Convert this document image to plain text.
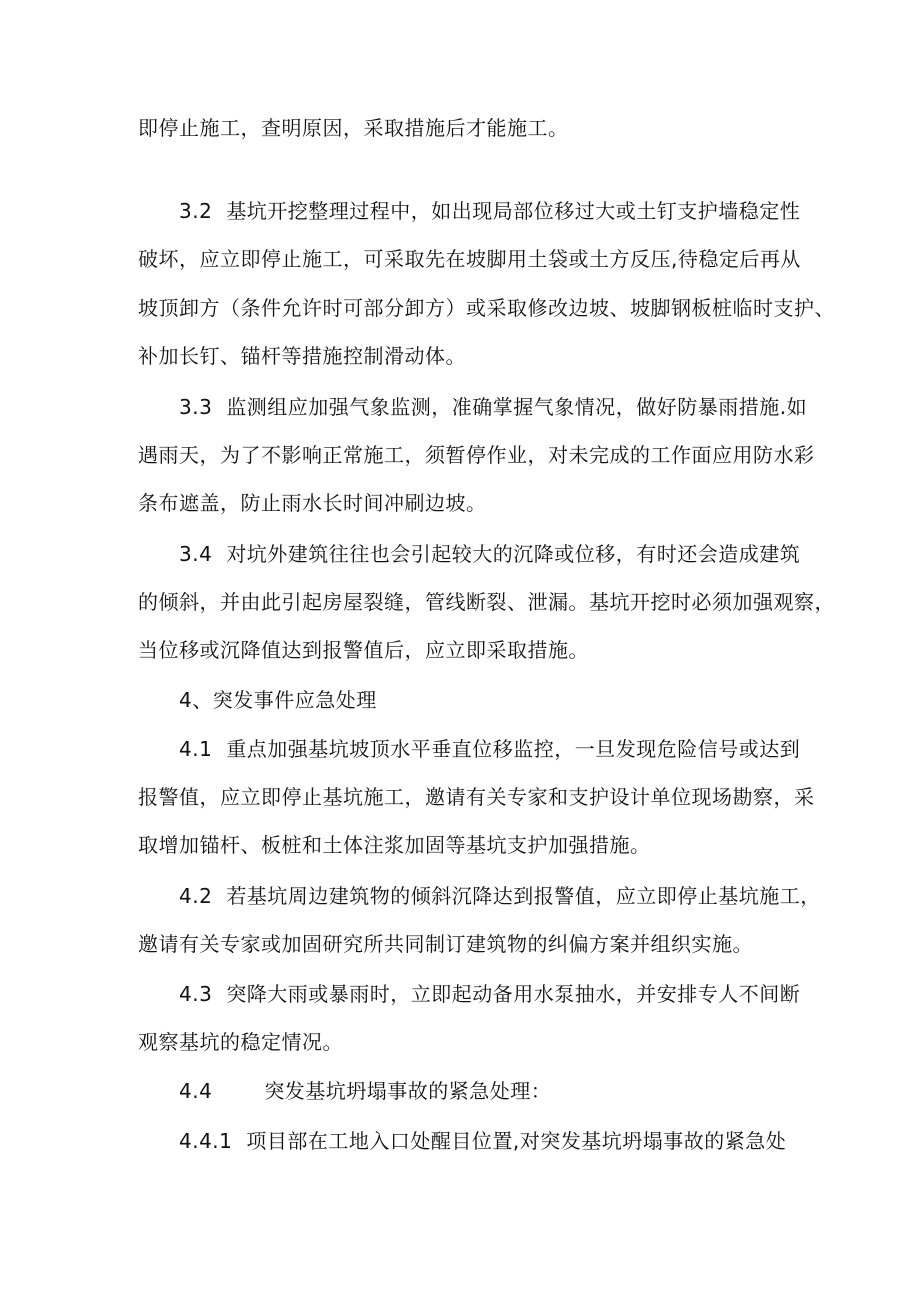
即停止施工，查明原因，采取措施后才能施工。
3.2 基坑开挖整理过程中，如出现局部位移过大或土钉支护墙稳定性
破坏，应立即停止施工，可采取先在坡脚用土袋或土方反压,待稳定后再从
坡顶卸方（条件允许时可部分卸方）或采取修改边坡、坡脚钢板桩临时支护、
补加长钉、锚杆等措施控制滑动体。
3.3 监测组应加强气象监测，准确掌握气象情况，做好防暴雨措施.如
遇雨天，为了不影响正常施工，须暂停作业，对未完成的工作面应用防水彩
条布遮盖，防止雨水长时间冲刷边坡。
3.4 对坑外建筑往往也会引起较大的沉降或位移，有时还会造成建筑
的倾斜，并由此引起房屋裂缝，管线断裂、泄漏。基坑开挖时必须加强观察，
当位移或沉降值达到报警值后，应立即采取措施。
4、突发事件应急处理
4.1 重点加强基坑坡顶水平垂直位移监控，一旦发现危险信号或达到
报警值，应立即停止基坑施工，邀请有关专家和支护设计单位现场勘察，采
取增加锚杆、板桩和土体注浆加固等基坑支护加强措施。
4.2 若基坑周边建筑物的倾斜沉降达到报警值，应立即停止基坑施工，
邀请有关专家或加固研究所共同制订建筑物的纠偏方案并组织实施。
4.3 突降大雨或暴雨时，立即起动备用水泵抽水，并安排专人不间断
观察基坑的稳定情况。
4.4	突发基坑坍塌事故的紧急处理：
4.4.1 项目部在工地入口处醒目位置,对突发基坑坍塌事故的紧急处
